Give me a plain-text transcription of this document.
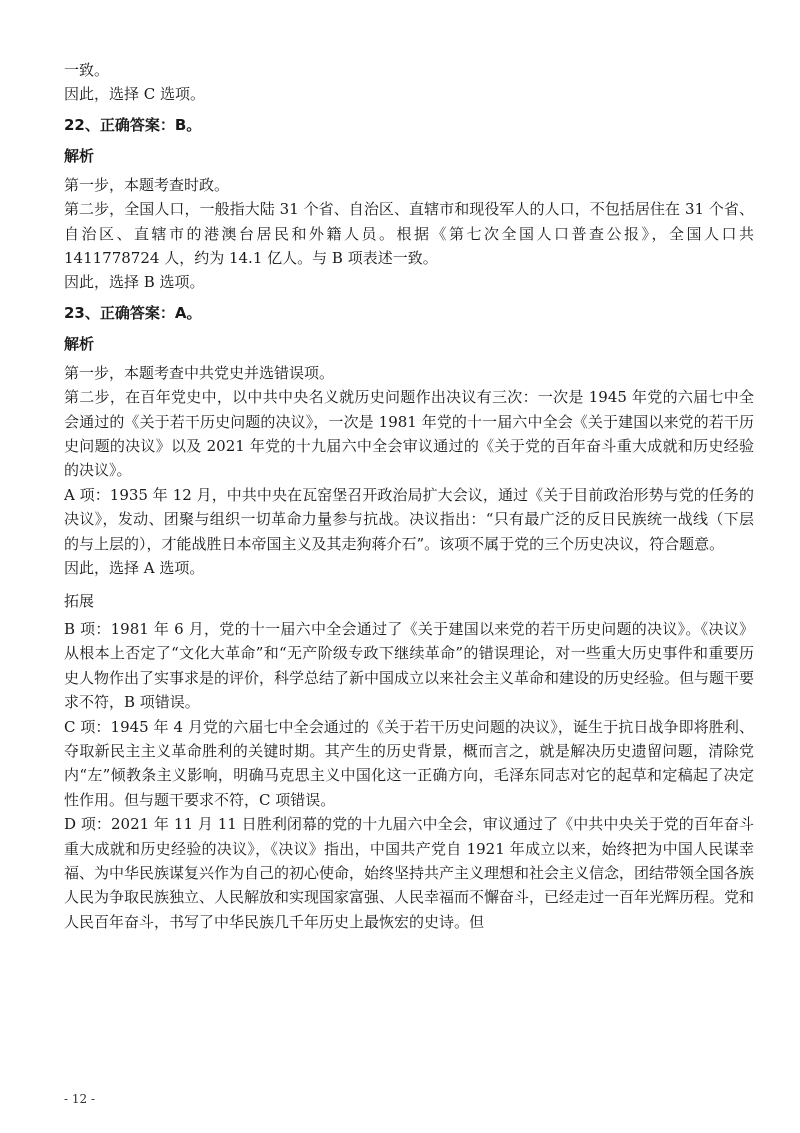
一致。

因此，选择 C 选项。

22、正确答案：B。

解析

第一步，本题考查时政。

第二步，全国人口，一般指大陆 31 个省、自治区、直辖市和现役军人的人口，不包括居住在 31 个省、自治区、直辖市的港澳台居民和外籍人员。根据《第七次全国人口普查公报》，全国人口共 1411778724 人，约为 14.1 亿人。与 B 项表述一致。

因此，选择 B 选项。

23、正确答案：A。

解析

第一步，本题考查中共党史并选错误项。

第二步，在百年党史中，以中共中央名义就历史问题作出决议有三次：一次是 1945 年党的六届七中全会通过的《关于若干历史问题的决议》，一次是 1981 年党的十一届六中全会《关于建国以来党的若干历史问题的决议》以及 2021 年党的十九届六中全会审议通过的《关于党的百年奋斗重大成就和历史经验的决议》。

A 项：1935 年 12 月，中共中央在瓦窑堡召开政治局扩大会议，通过《关于目前政治形势与党的任务的决议》，发动、团聚与组织一切革命力量参与抗战。决议指出：“只有最广泛的反日民族统一战线（下层的与上层的），才能战胜日本帝国主义及其走狗蒋介石”。该项不属于党的三个历史决议，符合题意。

因此，选择 A 选项。

拓展

B 项：1981 年 6 月，党的十一届六中全会通过了《关于建国以来党的若干历史问题的决议》。《决议》从根本上否定了“文化大革命”和“无产阶级专政下继续革命”的错误理论，对一些重大历史事件和重要历史人物作出了实事求是的评价，科学总结了新中国成立以来社会主义革命和建设的历史经验。但与题干要求不符，B 项错误。

C 项：1945 年 4 月党的六届七中全会通过的《关于若干历史问题的决议》，诞生于抗日战争即将胜利、夺取新民主主义革命胜利的关键时期。其产生的历史背景，概而言之，就是解决历史遗留问题，清除党内“左”倾教条主义影响，明确马克思主义中国化这一正确方向，毛泽东同志对它的起草和定稿起了决定性作用。但与题干要求不符，C 项错误。

D 项：2021 年 11 月 11 日胜利闭幕的党的十九届六中全会，审议通过了《中共中央关于党的百年奋斗重大成就和历史经验的决议》，《决议》指出，中国共产党自 1921 年成立以来，始终把为中国人民谋幸福、为中华民族谋复兴作为自己的初心使命，始终坚持共产主义理想和社会主义信念，团结带领全国各族人民为争取民族独立、人民解放和实现国家富强、人民幸福而不懈奋斗，已经走过一百年光辉历程。党和人民百年奋斗，书写了中华民族几千年历史上最恢宏的史诗。但

- 12 -
